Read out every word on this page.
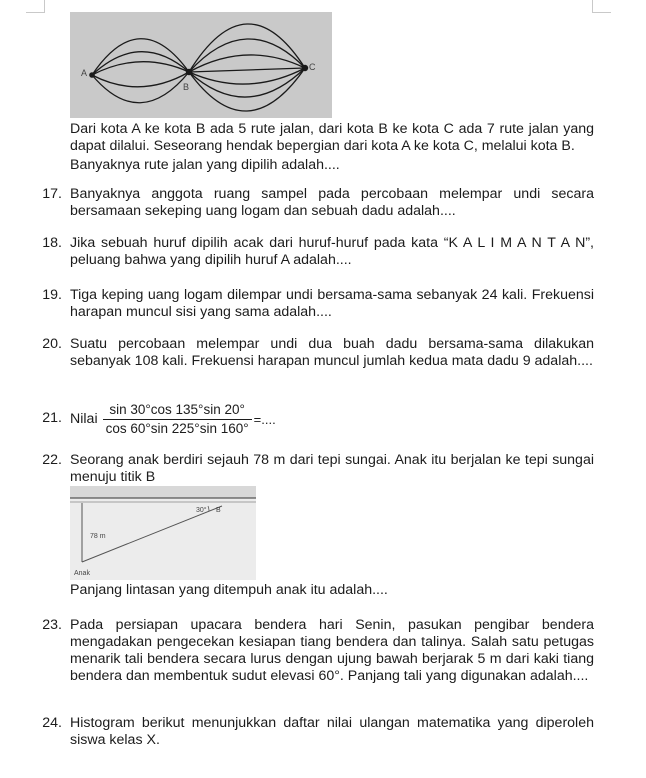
A
B
C
Dari kota A ke kota B ada 5 rute jalan, dari kota B ke kota C ada 7 rute jalan yang dapat dilalui. Seseorang hendak bepergian dari kota A ke kota C, melalui kota B.
Banyaknya rute jalan yang dipilih adalah....
17. Banyaknya anggota ruang sampel pada percobaan melempar undi secara bersamaan sekeping uang logam dan sebuah dadu adalah....
18. Jika sebuah huruf dipilih acak dari huruf-huruf pada kata “K A L I M A N T A N”, peluang bahwa yang dipilih huruf A adalah....
19. Tiga keping uang logam dilempar undi bersama-sama sebanyak 24 kali. Frekuensi harapan muncul sisi yang sama adalah....
20. Suatu percobaan melempar undi dua buah dadu bersama-sama dilakukan sebanyak 108 kali. Frekuensi harapan muncul jumlah kedua mata dadu 9 adalah....
21. Nilai $\frac{\sin 30^\circ\cos 135^\circ\sin 20^\circ}{\cos 60^\circ\sin 225^\circ\sin 160^\circ}$ =....
22. Seorang anak berdiri sejauh 78 m dari tepi sungai. Anak itu berjalan ke tepi sungai menuju titik B
30° B
78 m
Anak
Panjang lintasan yang ditempuh anak itu adalah....
23. Pada persiapan upacara bendera hari Senin, pasukan pengibar bendera mengadakan pengecekan kesiapan tiang bendera dan talinya. Salah satu petugas menarik tali bendera secara lurus dengan ujung bawah berjarak 5 m dari kaki tiang bendera dan membentuk sudut elevasi 60°. Panjang tali yang digunakan adalah....
24. Histogram berikut menunjukkan daftar nilai ulangan matematika yang diperoleh siswa kelas X.
